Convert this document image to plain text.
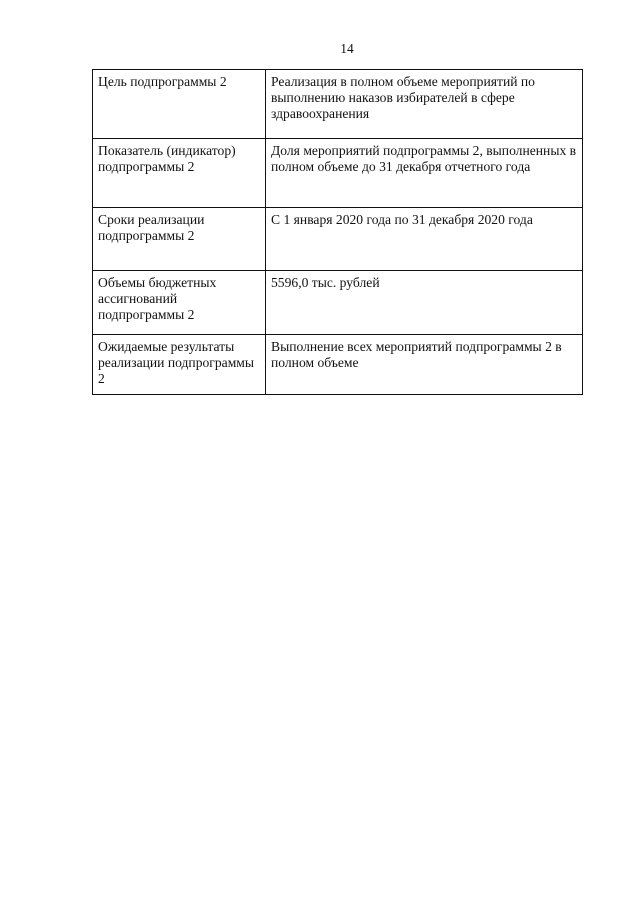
14
Цель подпрограммы 2	Реализация в полном объеме мероприятий по выполнению наказов избирателей в сфере здравоохранения
Показатель (индикатор) подпрограммы 2	Доля мероприятий подпрограммы 2, выполненных в полном объеме до 31 декабря отчетного года
Сроки реализации подпрограммы 2	С 1 января 2020 года по 31 декабря 2020 года
Объемы бюджетных ассигнований подпрограммы 2	5596,0 тыс. рублей
Ожидаемые результаты реализации подпрограммы 2	Выполнение всех мероприятий подпрограммы 2 в полном объеме
